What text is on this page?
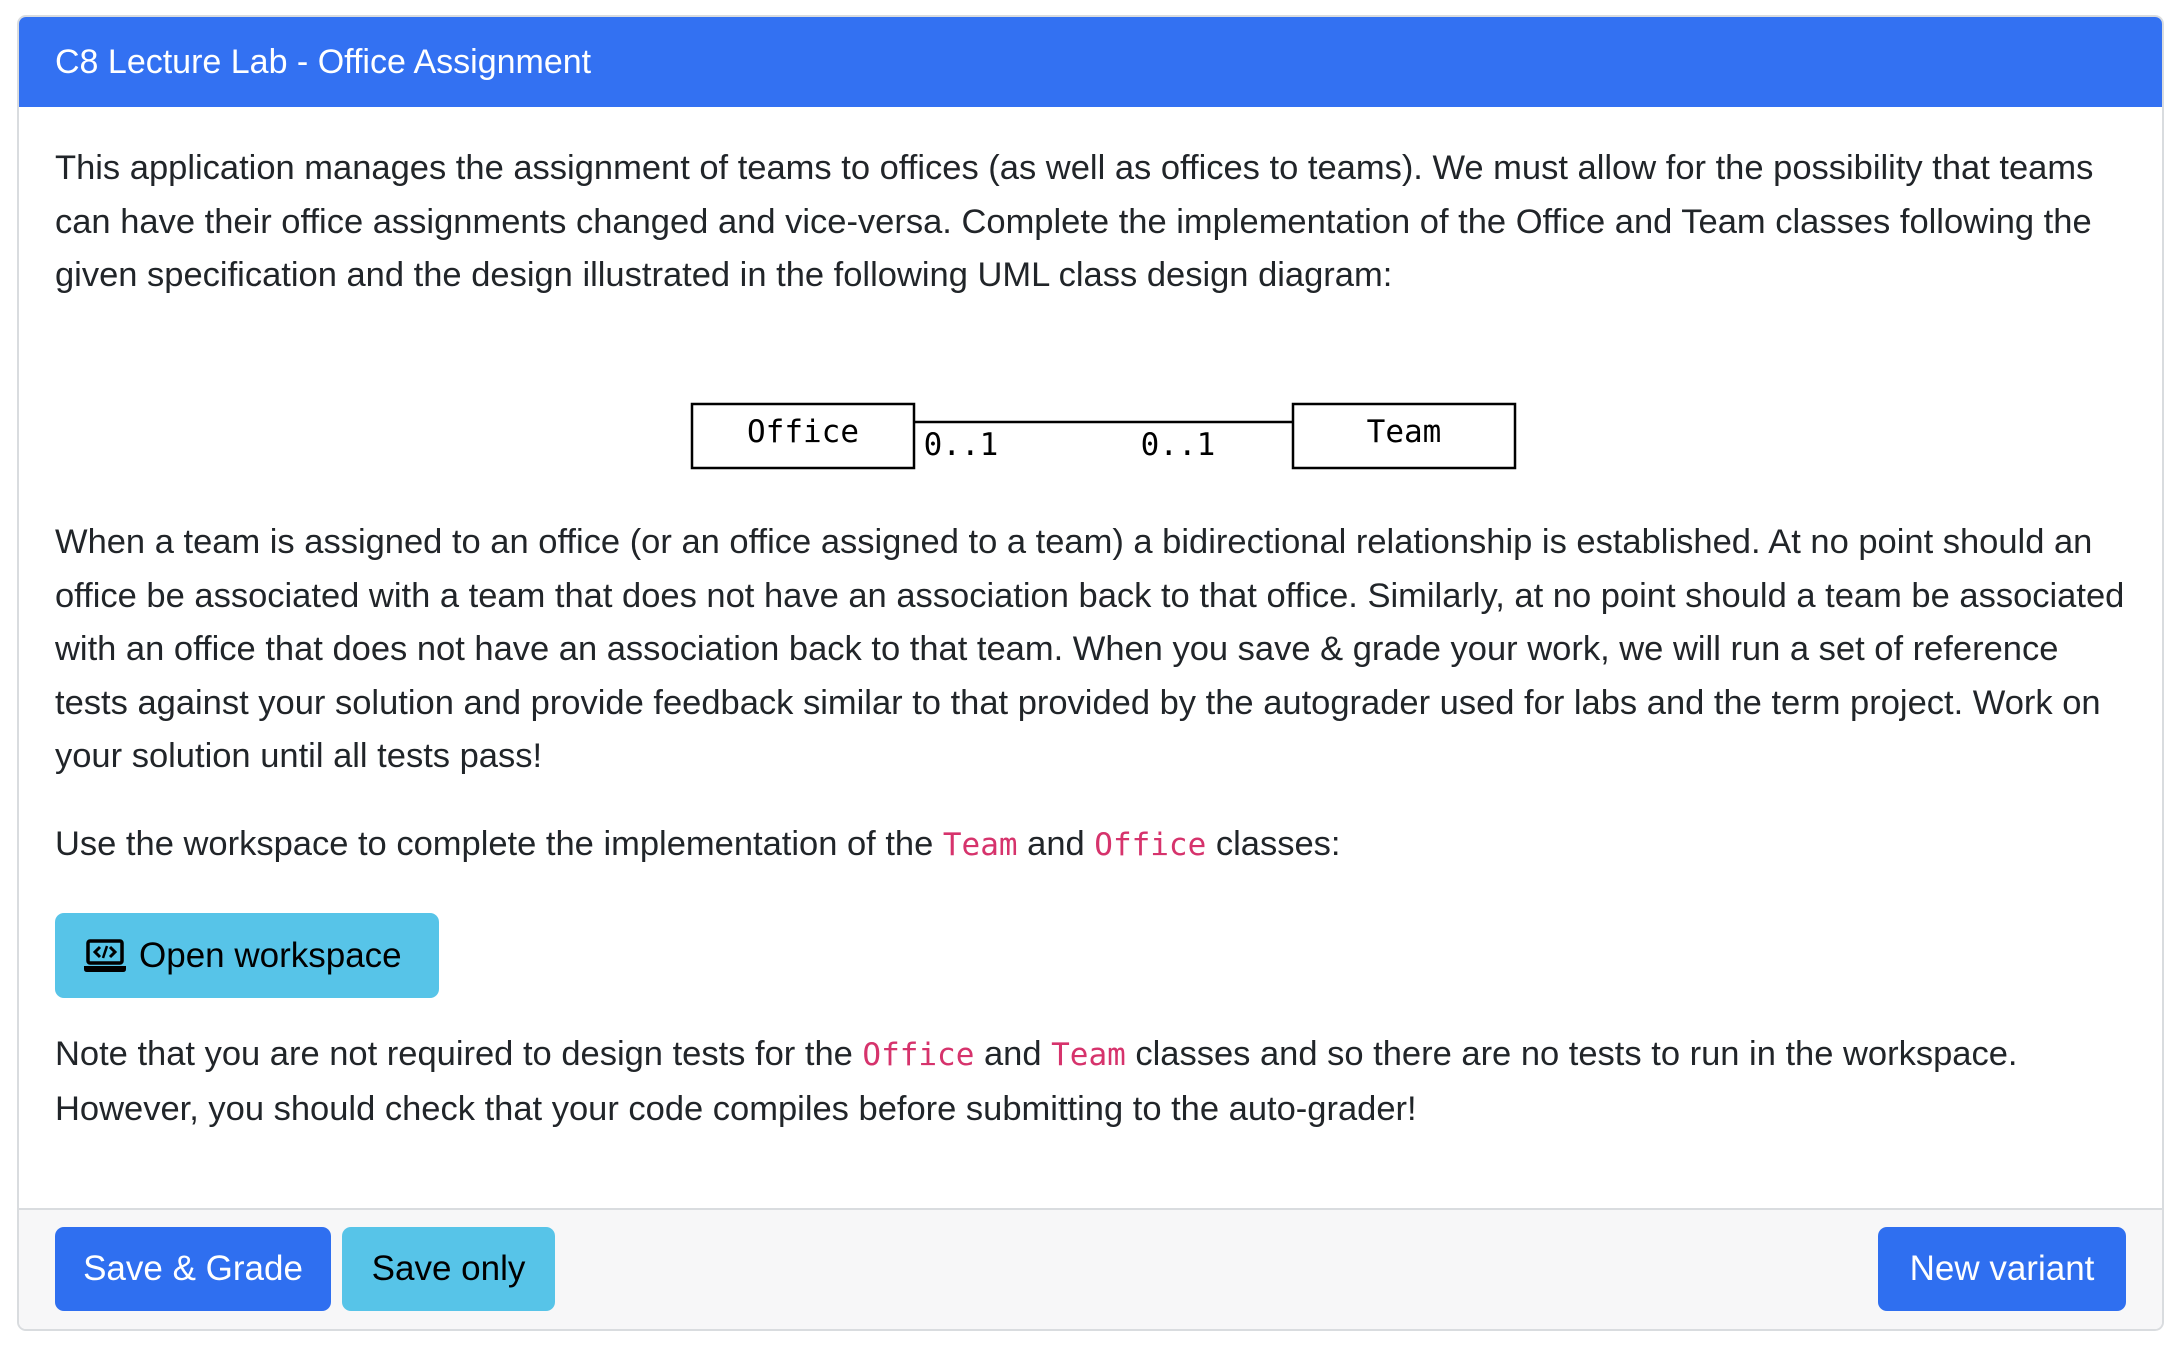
C8 Lecture Lab - Office Assignment

This application manages the assignment of teams to offices (as well as offices to teams). We must allow for the possibility that teams can have their office assignments changed and vice-versa. Complete the implementation of the Office and Team classes following the given specification and the design illustrated in the following UML class design diagram:

Office	Team
0..1	0..1

When a team is assigned to an office (or an office assigned to a team) a bidirectional relationship is established. At no point should an office be associated with a team that does not have an association back to that office. Similarly, at no point should a team be associated with an office that does not have an association back to that team. When you save & grade your work, we will run a set of reference tests against your solution and provide feedback similar to that provided by the autograder used for labs and the term project. Work on your solution until all tests pass!

Use the workspace to complete the implementation of the Team and Office classes:

Open workspace

Note that you are not required to design tests for the Office and Team classes and so there are no tests to run in the workspace. However, you should check that your code compiles before submitting to the auto-grader!

Save & Grade	Save only	New variant
